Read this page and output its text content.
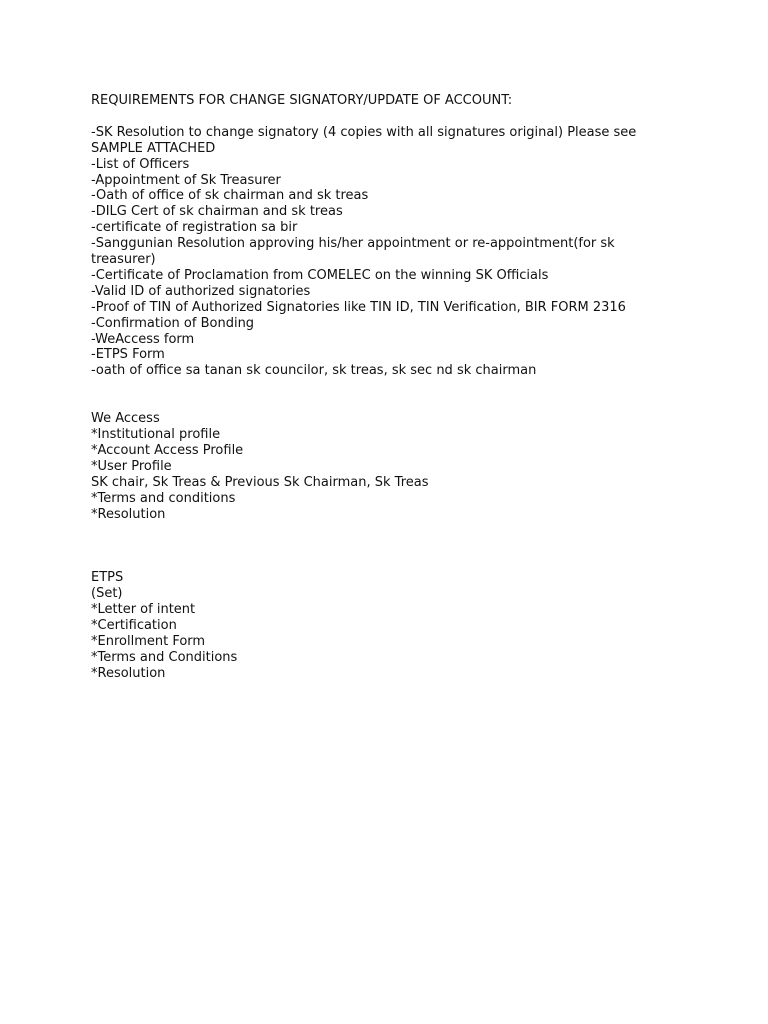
REQUIREMENTS FOR CHANGE SIGNATORY/UPDATE OF ACCOUNT:

-SK Resolution to change signatory (4 copies with all signatures original) Please see

SAMPLE ATTACHED

-List of Officers

-Appointment of Sk Treasurer

-Oath of office of sk chairman and sk treas

-DILG Cert of sk chairman and sk treas

-certificate of registration sa bir

-Sanggunian Resolution approving his/her appointment or re-appointment(for sk

treasurer)

-Certificate of Proclamation from COMELEC on the winning SK Officials

-Valid ID of authorized signatories

-Proof of TIN of Authorized Signatories like TIN ID, TIN Verification, BIR FORM 2316

-Confirmation of Bonding

-WeAccess form

-ETPS Form

-oath of office sa tanan sk councilor, sk treas, sk sec nd sk chairman

We Access

*Institutional profile

*Account Access Profile

*User Profile

SK chair, Sk Treas & Previous Sk Chairman, Sk Treas

*Terms and conditions

*Resolution

ETPS

(Set)

*Letter of intent

*Certification

*Enrollment Form

*Terms and Conditions

*Resolution
